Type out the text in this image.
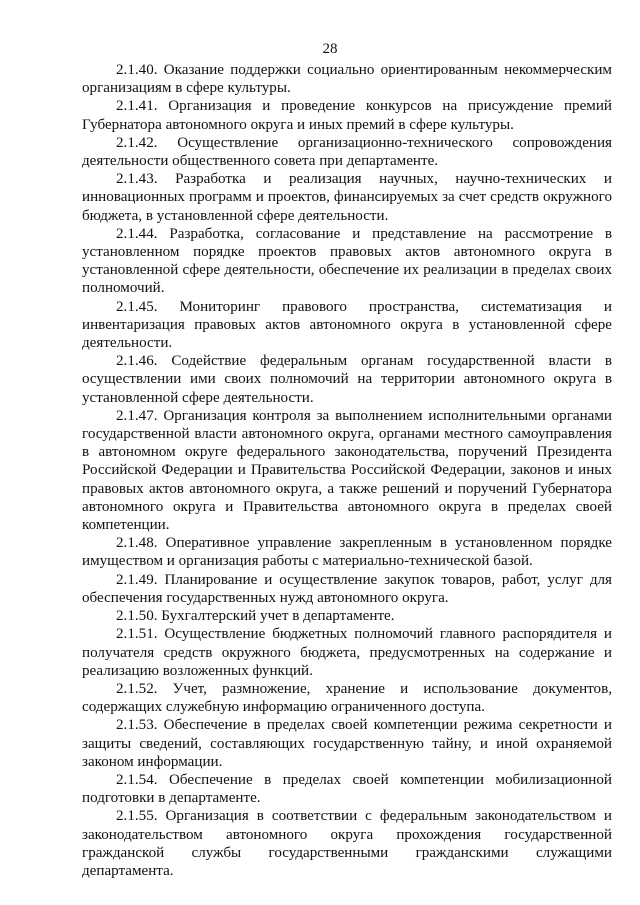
28

2.1.40. Оказание поддержки социально ориентированным некоммерческим организациям в сфере культуры.

2.1.41. Организация и проведение конкурсов на присуждение премий Губернатора автономного округа и иных премий в сфере культуры.

2.1.42. Осуществление организационно-технического сопровождения деятельности общественного совета при департаменте.

2.1.43. Разработка и реализация научных, научно-технических и инновационных программ и проектов, финансируемых за счет средств окружного бюджета, в установленной сфере деятельности.

2.1.44. Разработка, согласование и представление на рассмотрение в установленном порядке проектов правовых актов автономного округа в установленной сфере деятельности, обеспечение их реализации в пределах своих полномочий.

2.1.45. Мониторинг правового пространства, систематизация и инвентаризация правовых актов автономного округа в установленной сфере деятельности.

2.1.46. Содействие федеральным органам государственной власти в осуществлении ими своих полномочий на территории автономного округа в установленной сфере деятельности.

2.1.47. Организация контроля за выполнением исполнительными органами государственной власти автономного округа, органами местного самоуправления в автономном округе федерального законодательства, поручений Президента Российской Федерации и Правительства Российской Федерации, законов и иных правовых актов автономного округа, а также решений и поручений Губернатора автономного округа и Правительства автономного округа в пределах своей компетенции.

2.1.48. Оперативное управление закрепленным в установленном порядке имуществом и организация работы с материально-технической базой.

2.1.49. Планирование и осуществление закупок товаров, работ, услуг для обеспечения государственных нужд автономного округа.

2.1.50. Бухгалтерский учет в департаменте.

2.1.51. Осуществление бюджетных полномочий главного распорядителя и получателя средств окружного бюджета, предусмотренных на содержание и реализацию возложенных функций.

2.1.52. Учет, размножение, хранение и использование документов, содержащих служебную информацию ограниченного доступа.

2.1.53. Обеспечение в пределах своей компетенции режима секретности и защиты сведений, составляющих государственную тайну, и иной охраняемой законом информации.

2.1.54. Обеспечение в пределах своей компетенции мобилизационной подготовки в департаменте.

2.1.55. Организация в соответствии с федеральным законодательством и законодательством автономного округа прохождения государственной гражданской службы государственными гражданскими служащими департамента.
